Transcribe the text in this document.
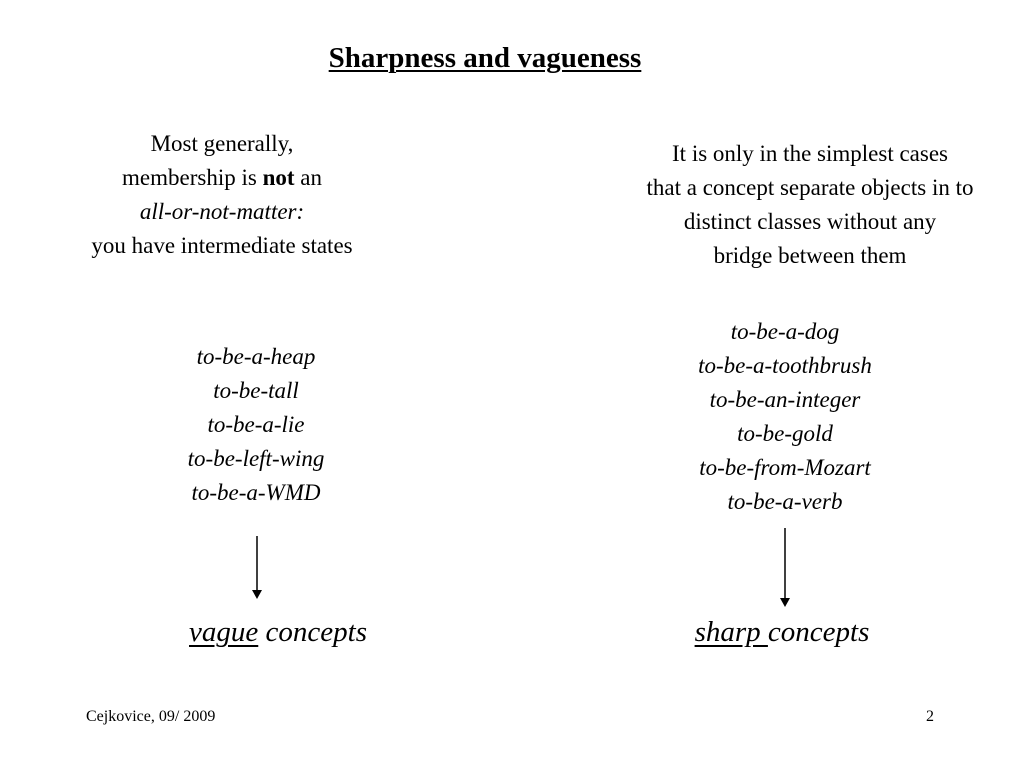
Sharpness and vagueness
Most generally,
membership is not an
all-or-not-matter:
you have intermediate states
It is only in the simplest cases
that a concept separate objects in to
distinct classes without any
bridge between them
to-be-a-heap
to-be-tall
to-be-a-lie
to-be-left-wing
to-be-a-WMD
to-be-a-dog
to-be-a-toothbrush
to-be-an-integer
to-be-gold
to-be-from-Mozart
to-be-a-verb
vague concepts	sharp concepts
Cejkovice, 09/ 2009	2
